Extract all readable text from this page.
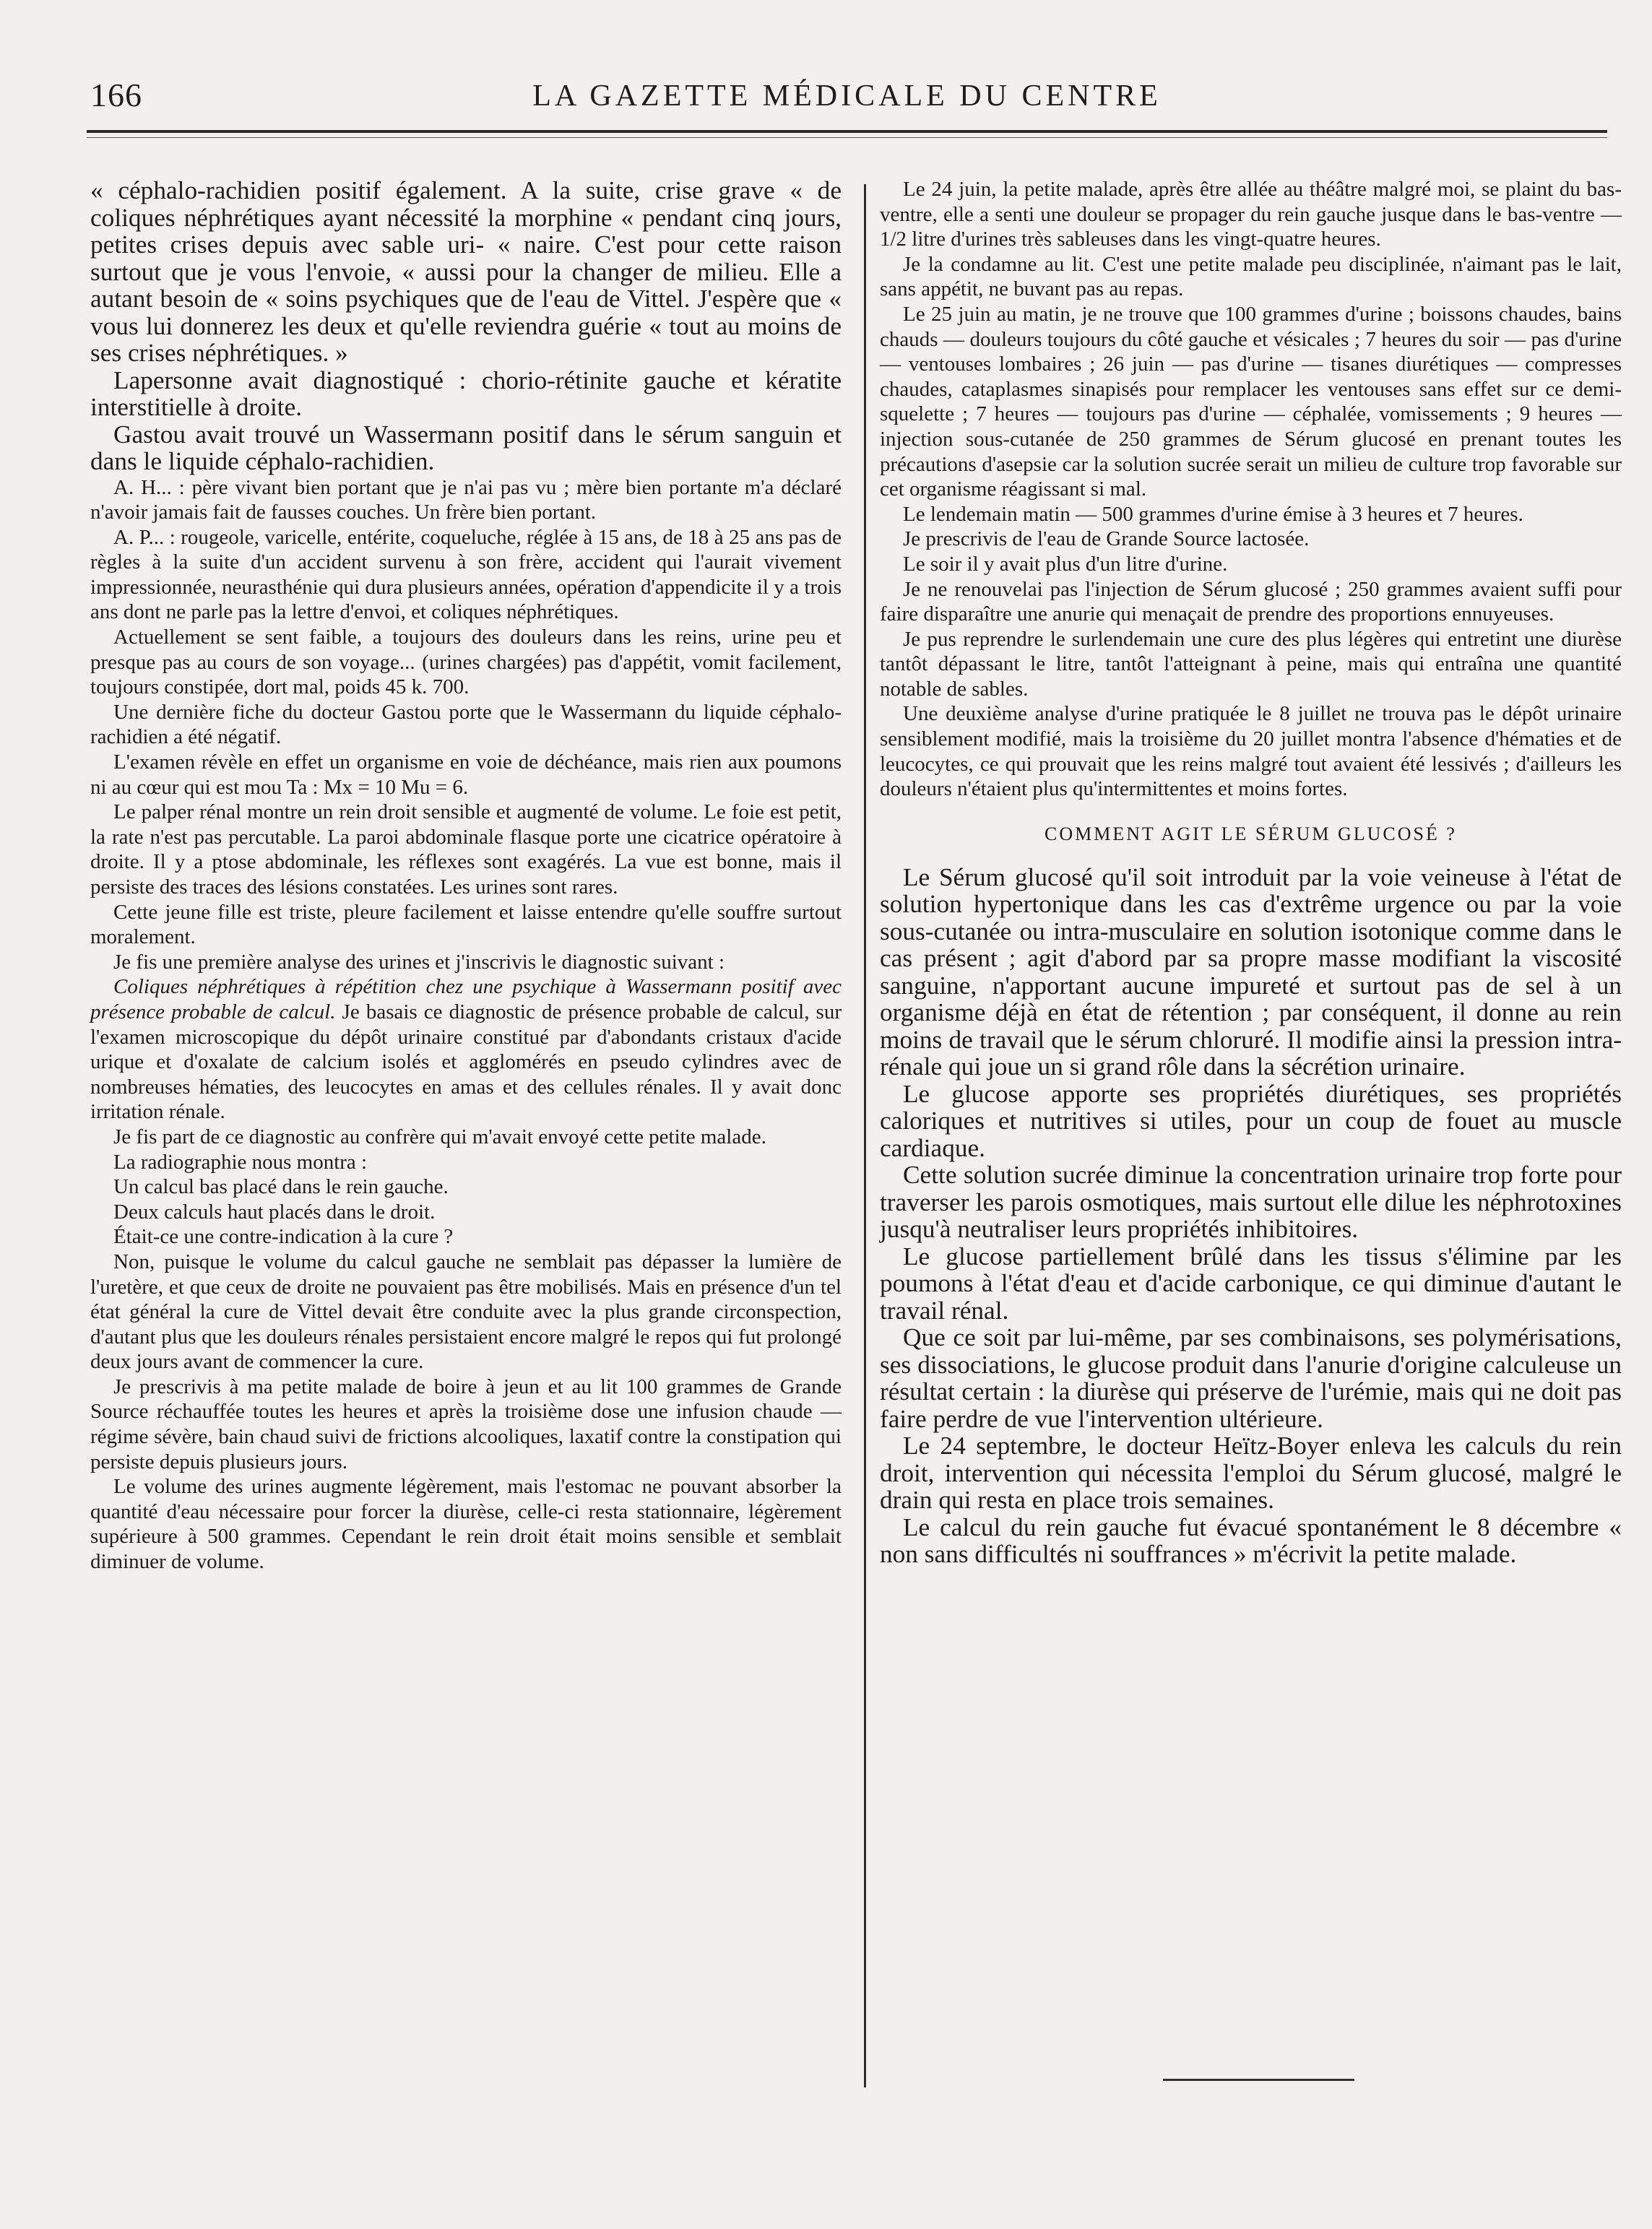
166	LA GAZETTE MÉDICALE DU CENTRE

« céphalo-rachidien positif également. A la suite, crise grave « de coliques néphrétiques ayant nécessité la morphine « pendant cinq jours, petites crises depuis avec sable uri- « naire. C'est pour cette raison surtout que je vous l'envoie, « aussi pour la changer de milieu. Elle a autant besoin de « soins psychiques que de l'eau de Vittel. J'espère que « vous lui donnerez les deux et qu'elle reviendra guérie « tout au moins de ses crises néphrétiques. »

Lapersonne avait diagnostiqué : chorio-rétinite gauche et kératite interstitielle à droite.

Gastou avait trouvé un Wassermann positif dans le sérum sanguin et dans le liquide céphalo-rachidien.

A. H... : père vivant bien portant que je n'ai pas vu ; mère bien portante m'a déclaré n'avoir jamais fait de fausses couches. Un frère bien portant.

A. P... : rougeole, varicelle, entérite, coqueluche, réglée à 15 ans, de 18 à 25 ans pas de règles à la suite d'un accident survenu à son frère, accident qui l'aurait vivement impressionnée, neurasthénie qui dura plusieurs années, opération d'appendicite il y a trois ans dont ne parle pas la lettre d'envoi, et coliques néphrétiques.

Actuellement se sent faible, a toujours des douleurs dans les reins, urine peu et presque pas au cours de son voyage... (urines chargées) pas d'appétit, vomit facilement, toujours constipée, dort mal, poids 45 k. 700.

Une dernière fiche du docteur Gastou porte que le Wassermann du liquide céphalo-rachidien a été négatif.

L'examen révèle en effet un organisme en voie de déchéance, mais rien aux poumons ni au cœur qui est mou Ta : Mx = 10 Mu = 6.

Le palper rénal montre un rein droit sensible et augmenté de volume. Le foie est petit, la rate n'est pas percutable. La paroi abdominale flasque porte une cicatrice opératoire à droite. Il y a ptose abdominale, les réflexes sont exagérés. La vue est bonne, mais il persiste des traces des lésions constatées. Les urines sont rares.

Cette jeune fille est triste, pleure facilement et laisse entendre qu'elle souffre surtout moralement.

Je fis une première analyse des urines et j'inscrivis le diagnostic suivant :

Coliques néphrétiques à répétition chez une psychique à Wassermann positif avec présence probable de calcul. Je basais ce diagnostic de présence probable de calcul, sur l'examen microscopique du dépôt urinaire constitué par d'abondants cristaux d'acide urique et d'oxalate de calcium isolés et agglomérés en pseudo cylindres avec de nombreuses hématies, des leucocytes en amas et des cellules rénales. Il y avait donc irritation rénale.

Je fis part de ce diagnostic au confrère qui m'avait envoyé cette petite malade.

La radiographie nous montra :

Un calcul bas placé dans le rein gauche.

Deux calculs haut placés dans le droit.

Était-ce une contre-indication à la cure ?

Non, puisque le volume du calcul gauche ne semblait pas dépasser la lumière de l'uretère, et que ceux de droite ne pouvaient pas être mobilisés. Mais en présence d'un tel état général la cure de Vittel devait être conduite avec la plus grande circonspection, d'autant plus que les douleurs rénales persistaient encore malgré le repos qui fut prolongé deux jours avant de commencer la cure.

Je prescrivis à ma petite malade de boire à jeun et au lit 100 grammes de Grande Source réchauffée toutes les heures et après la troisième dose une infusion chaude — régime sévère, bain chaud suivi de frictions alcooliques, laxatif contre la constipation qui persiste depuis plusieurs jours.

Le volume des urines augmente légèrement, mais l'estomac ne pouvant absorber la quantité d'eau nécessaire pour forcer la diurèse, celle-ci resta stationnaire, légèrement supérieure à 500 grammes. Cependant le rein droit était moins sensible et semblait diminuer de volume.

Le 24 juin, la petite malade, après être allée au théâtre malgré moi, se plaint du bas-ventre, elle a senti une douleur se propager du rein gauche jusque dans le bas-ventre — 1/2 litre d'urines très sableuses dans les vingt-quatre heures.

Je la condamne au lit. C'est une petite malade peu disciplinée, n'aimant pas le lait, sans appétit, ne buvant pas au repas.

Le 25 juin au matin, je ne trouve que 100 grammes d'urine ; boissons chaudes, bains chauds — douleurs toujours du côté gauche et vésicales ; 7 heures du soir — pas d'urine — ventouses lombaires ; 26 juin — pas d'urine — tisanes diurétiques — compresses chaudes, cataplasmes sinapisés pour remplacer les ventouses sans effet sur ce demi-squelette ; 7 heures — toujours pas d'urine — céphalée, vomissements ; 9 heures — injection sous-cutanée de 250 grammes de Sérum glucosé en prenant toutes les précautions d'asepsie car la solution sucrée serait un milieu de culture trop favorable sur cet organisme réagissant si mal.

Le lendemain matin — 500 grammes d'urine émise à 3 heures et 7 heures.

Je prescrivis de l'eau de Grande Source lactosée.

Le soir il y avait plus d'un litre d'urine.

Je ne renouvelai pas l'injection de Sérum glucosé ; 250 grammes avaient suffi pour faire disparaître une anurie qui menaçait de prendre des proportions ennuyeuses.

Je pus reprendre le surlendemain une cure des plus légères qui entretint une diurèse tantôt dépassant le litre, tantôt l'atteignant à peine, mais qui entraîna une quantité notable de sables.

Une deuxième analyse d'urine pratiquée le 8 juillet ne trouva pas le dépôt urinaire sensiblement modifié, mais la troisième du 20 juillet montra l'absence d'hématies et de leucocytes, ce qui prouvait que les reins malgré tout avaient été lessivés ; d'ailleurs les douleurs n'étaient plus qu'intermittentes et moins fortes.

COMMENT AGIT LE SÉRUM GLUCOSÉ ?

Le Sérum glucosé qu'il soit introduit par la voie veineuse à l'état de solution hypertonique dans les cas d'extrême urgence ou par la voie sous-cutanée ou intra-musculaire en solution isotonique comme dans le cas présent ; agit d'abord par sa propre masse modifiant la viscosité sanguine, n'apportant aucune impureté et surtout pas de sel à un organisme déjà en état de rétention ; par conséquent, il donne au rein moins de travail que le sérum chloruré. Il modifie ainsi la pression intra-rénale qui joue un si grand rôle dans la sécrétion urinaire.

Le glucose apporte ses propriétés diurétiques, ses propriétés caloriques et nutritives si utiles, pour un coup de fouet au muscle cardiaque.

Cette solution sucrée diminue la concentration urinaire trop forte pour traverser les parois osmotiques, mais surtout elle dilue les néphrotoxines jusqu'à neutraliser leurs propriétés inhibitoires.

Le glucose partiellement brûlé dans les tissus s'élimine par les poumons à l'état d'eau et d'acide carbonique, ce qui diminue d'autant le travail rénal.

Que ce soit par lui-même, par ses combinaisons, ses polymérisations, ses dissociations, le glucose produit dans l'anurie d'origine calculeuse un résultat certain : la diurèse qui préserve de l'urémie, mais qui ne doit pas faire perdre de vue l'intervention ultérieure.

Le 24 septembre, le docteur Heïtz-Boyer enleva les calculs du rein droit, intervention qui nécessita l'emploi du Sérum glucosé, malgré le drain qui resta en place trois semaines.

Le calcul du rein gauche fut évacué spontanément le 8 décembre « non sans difficultés ni souffrances » m'écrivit la petite malade.
